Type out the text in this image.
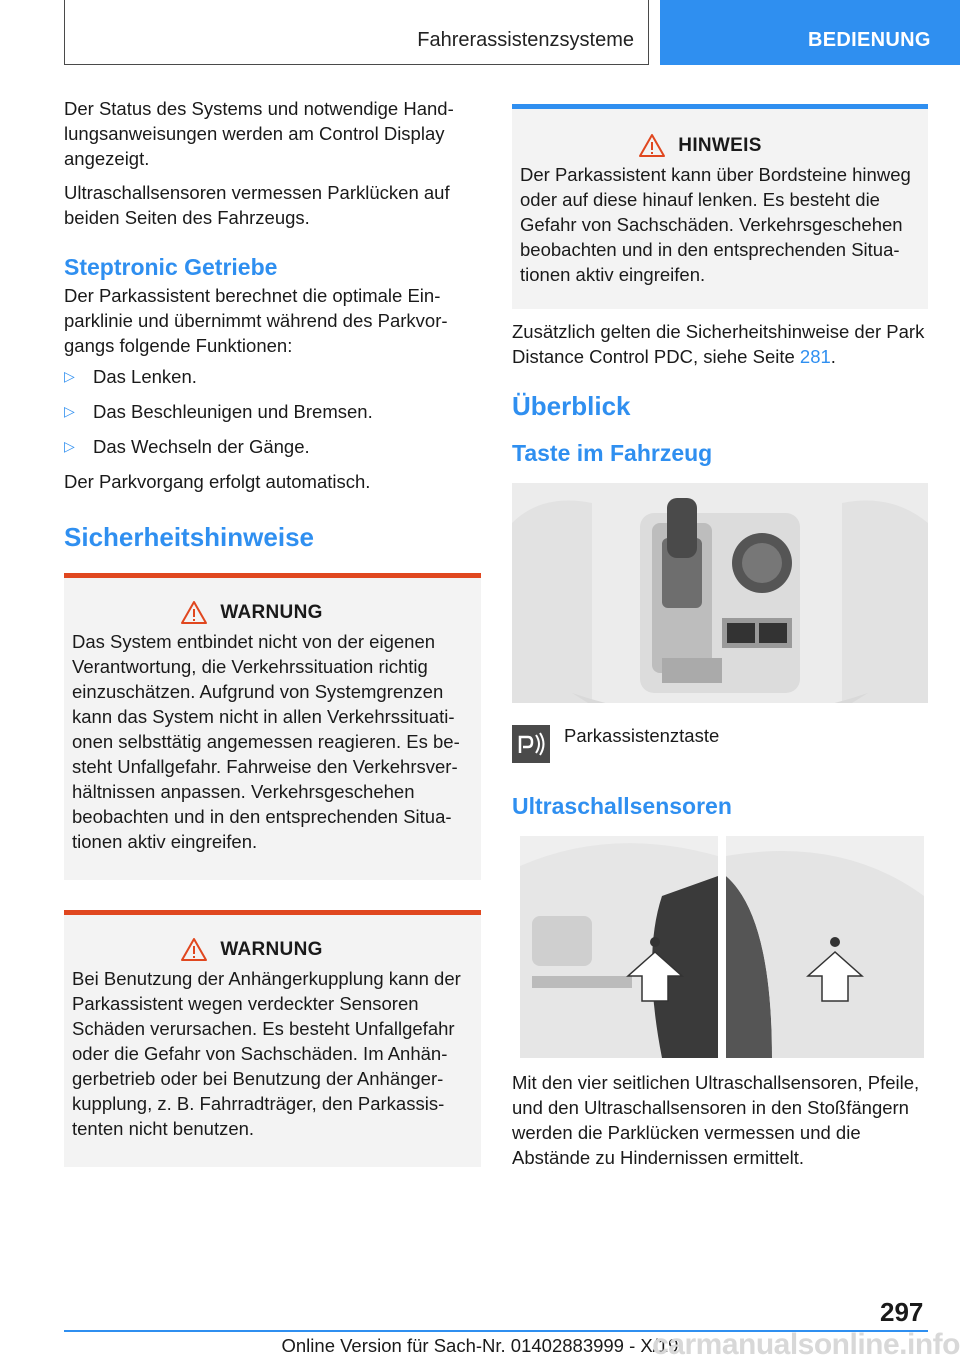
Fahrerassistenzsysteme	BEDIENUNG

Der Status des Systems und notwendige Handlungsanweisungen werden am Control Display angezeigt.

Ultraschallsensoren vermessen Parklücken auf beiden Seiten des Fahrzeugs.

Steptronic Getriebe

Der Parkassistent berechnet die optimale Einparklinie und übernimmt während des Parkvorgangs folgende Funktionen:

▷ Das Lenken.
▷ Das Beschleunigen und Bremsen.
▷ Das Wechseln der Gänge.

Der Parkvorgang erfolgt automatisch.

Sicherheitshinweise
WARNUNG
Das System entbindet nicht von der eigenen Verantwortung, die Verkehrssituation richtig einzuschätzen. Aufgrund von Systemgrenzen kann das System nicht in allen Verkehrssituationen selbsttätig angemessen reagieren. Es besteht Unfallgefahr. Fahrweise den Verkehrsverhältnissen anpassen. Verkehrsgeschehen beobachten und in den entsprechenden Situationen aktiv eingreifen.
WARNUNG
Bei Benutzung der Anhängerkupplung kann der Parkassistent wegen verdeckter Sensoren Schäden verursachen. Es besteht Unfallgefahr oder die Gefahr von Sachschäden. Im Anhängerbetrieb oder bei Benutzung der Anhängerkupplung, z. B. Fahrradträger, den Parkassistenten nicht benutzen.
HINWEIS
Der Parkassistent kann über Bordsteine hinweg oder auf diese hinauf lenken. Es besteht die Gefahr von Sachschäden. Verkehrsgeschehen beobachten und in den entsprechenden Situationen aktiv eingreifen.

Zusätzlich gelten die Sicherheitshinweise der Park Distance Control PDC, siehe Seite 281.

Überblick
Taste im Fahrzeug
Parkassistenztaste
Ultraschallsensoren

Mit den vier seitlichen Ultraschallsensoren, Pfeile, und den Ultraschallsensoren in den Stoßfängern werden die Parklücken vermessen und die Abstände zu Hindernissen ermittelt.

297
Online Version für Sach-Nr. 01402883999 - X/19
carmanualsonline.info
